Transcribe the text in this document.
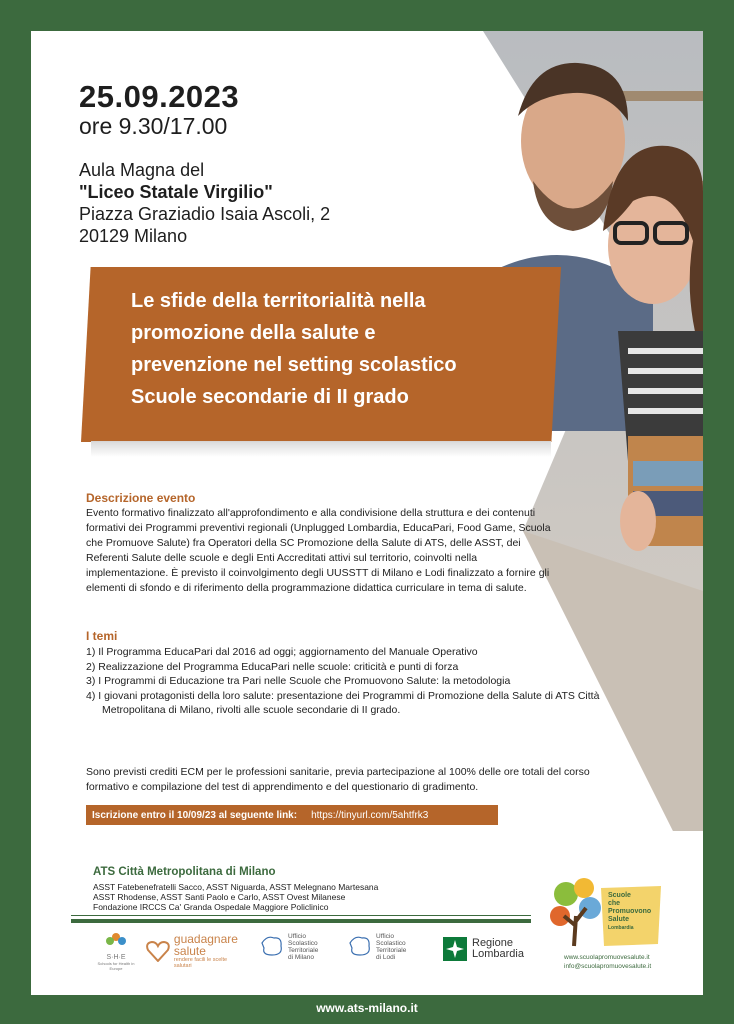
25.09.2023
ore 9.30/17.00
Aula Magna del
"Liceo Statale Virgilio"
Piazza Graziadio Isaia Ascoli, 2
20129 Milano
Le sfide della territorialità nella
promozione della salute e
prevenzione nel setting scolastico
Scuole secondarie di II grado
Descrizione evento
Evento formativo finalizzato all'approfondimento e alla condivisione della struttura e dei contenuti formativi dei Programmi preventivi regionali (Unplugged Lombardia, EducaPari, Food Game, Scuola che Promuove Salute) fra Operatori della SC Promozione della Salute di ATS, delle ASST, dei Referenti Salute delle scuole e degli Enti Accreditati attivi sul territorio, coinvolti nella implementazione. È previsto il coinvolgimento degli UUSSTT di Milano e Lodi finalizzato a fornire gli elementi di sfondo e di riferimento della programmazione didattica curriculare in tema di salute.
I temi
1) Il Programma EducaPari dal 2016 ad oggi; aggiornamento del Manuale Operativo
2) Realizzazione del Programma EducaPari nelle scuole: criticità e punti di forza
3) I Programmi di Educazione tra Pari nelle Scuole che Promuovono Salute: la metodologia
4) I giovani protagonisti della loro salute: presentazione dei Programmi di Promozione della Salute di ATS Città Metropolitana di Milano, rivolti alle scuole secondarie di II grado.
Sono previsti crediti ECM per le professioni sanitarie, previa partecipazione al 100% delle ore totali del corso formativo e compilazione del test di apprendimento e del questionario di gradimento.
Iscrizione entro il 10/09/23 al seguente link: https://tinyurl.com/5ahtfrk3
ATS Città Metropolitana di Milano
ASST Fatebenefratelli Sacco, ASST Niguarda, ASST Melegnano Martesana
ASST Rhodense, ASST Santi Paolo e Carlo, ASST Ovest Milanese
Fondazione IRCCS Ca' Granda Ospedale Maggiore Policlinico
S·H·E
Schools for Health in Europe
guadagnare
salute
rendere facili le scelte salutari
Ufficio
Scolastico
Territoriale
di Milano
Ufficio
Scolastico
Territoriale
di Lodi
Regione
Lombardia
Scuole
che
Promuovono
Salute
Lombardia
www.scuolapromuovesalute.it
info@scuolapromuovesalute.it
www.ats-milano.it
